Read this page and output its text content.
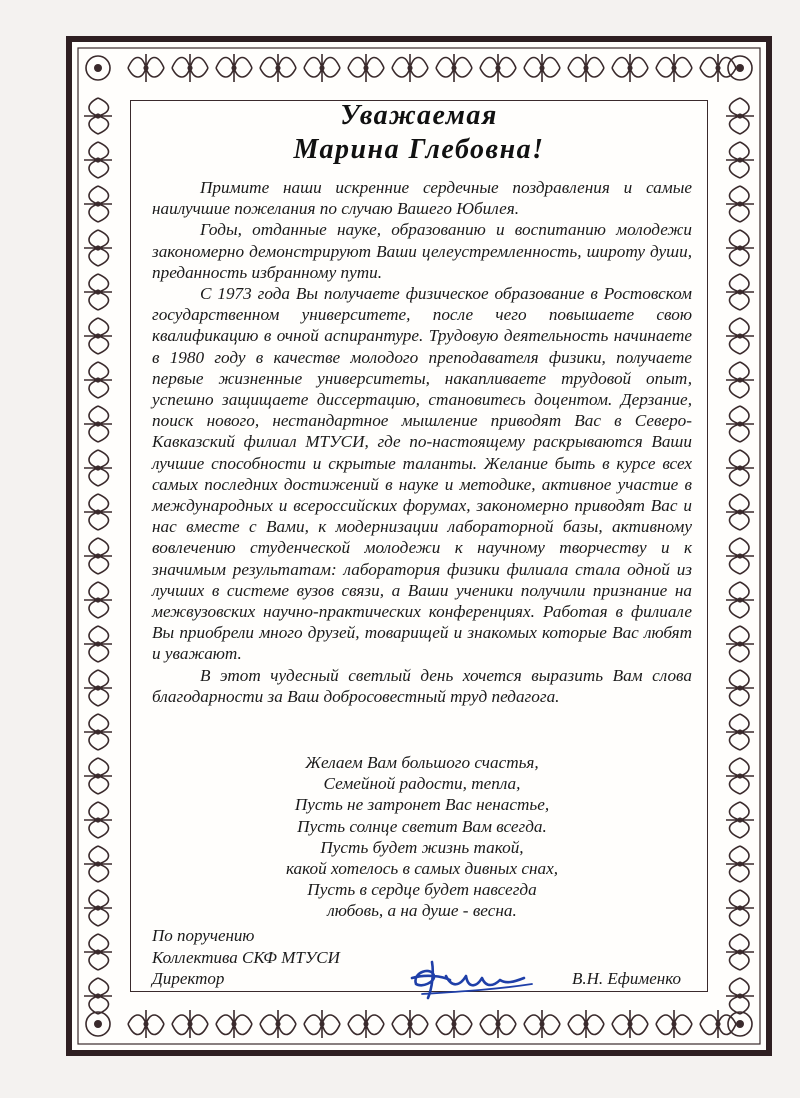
Уважаемая
Марина Глебовна!

Примите наши искренние сердечные поздравления и самые наилучшие пожелания по случаю Вашего Юбилея.

Годы, отданные науке, образованию и воспитанию молодежи закономерно демонстрируют Ваши целеустремленность, широту души, преданность избранному пути.

С 1973 года Вы получаете физическое образование в Ростовском государственном университете, после чего повышаете свою квалификацию в очной аспирантуре. Трудовую деятельность начинаете в 1980 году в качестве молодого преподавателя физики, получаете первые жизненные университеты, накапливаете трудовой опыт, успешно защищаете диссертацию, становитесь доцентом. Дерзание, поиск нового, нестандартное мышление приводят Вас в Северо-Кавказский филиал МТУСИ, где по-настоящему раскрываются Ваши лучшие способности и скрытые таланты. Желание быть в курсе всех самых последних достижений в науке и методике, активное участие в международных и всероссийских форумах, закономерно приводят Вас и нас вместе с Вами, к модернизации лабораторной базы, активному вовлечению студенческой молодежи к научному творчеству и к значимым результатам: лаборатория физики филиала стала одной из лучших в системе вузов связи, а Ваши ученики получили признание на межвузовских научно-практических конференциях. Работая в филиале Вы приобрели много друзей, товарищей и знакомых которые Вас любят и уважают.

В этот чудесный светлый день хочется выразить Вам слова благодарности за Ваш добросовестный труд педагога.

Желаем Вам большого счастья,
Семейной радости, тепла,
Пусть не затронет Вас ненастье,
Пусть солнце светит Вам всегда.
Пусть будет жизнь такой,
какой хотелось в самых дивных снах,
Пусть в сердце будет навсегда
любовь, а на душе - весна.
По поручению
Коллектива СКФ МТУСИ
Директор	В.Н. Ефименко
